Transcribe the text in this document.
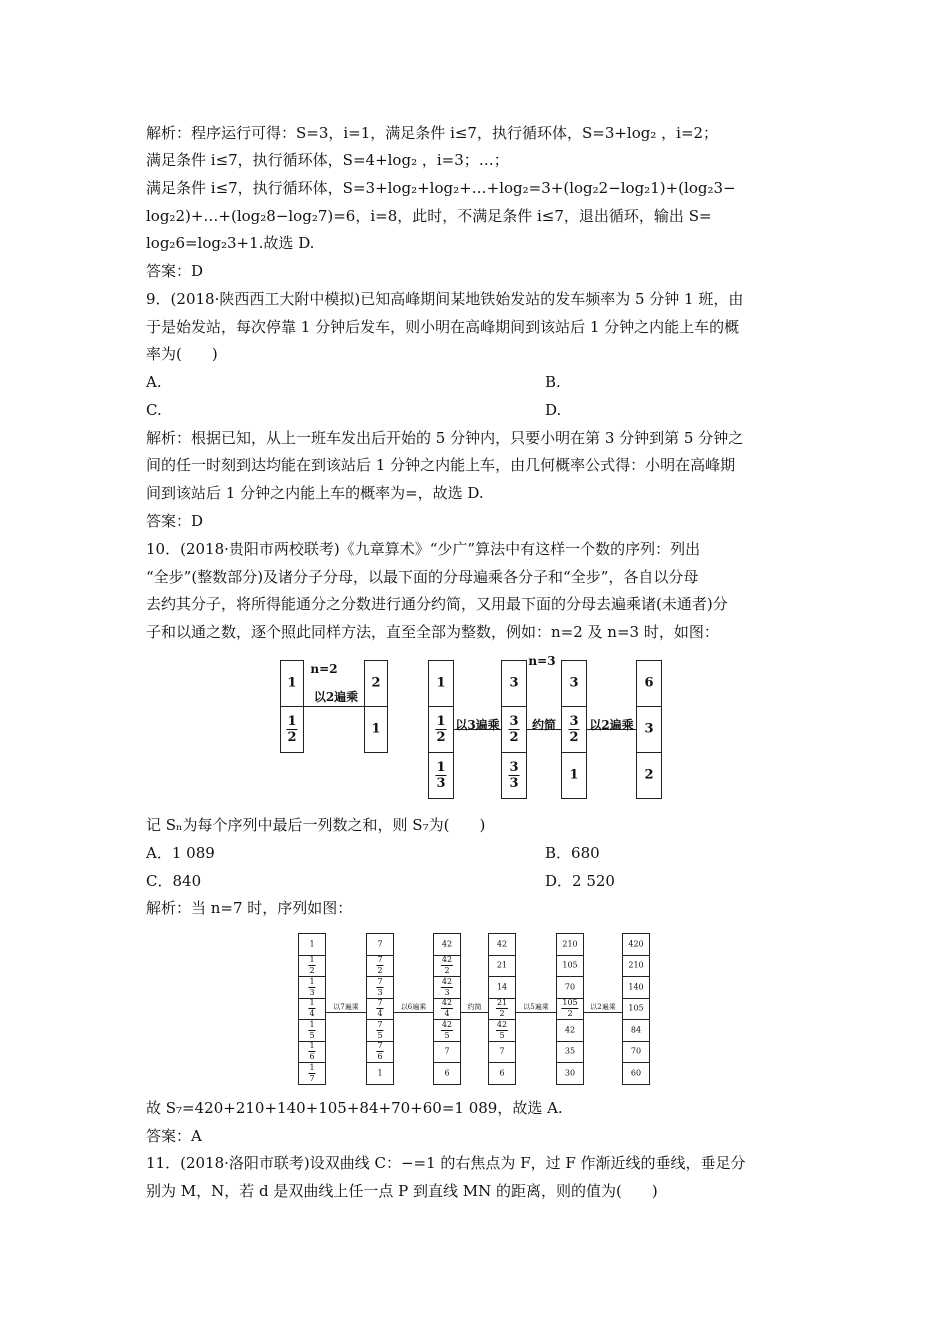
解析：程序运行可得：S=3，i=1，满足条件 i≤7，执行循环体，S=3+log₂ ，i=2；
满足条件 i≤7，执行循环体，S=4+log₂ ，i=3；…；
满足条件 i≤7，执行循环体，S=3+log₂+log₂+…+log₂=3+(log₂2−log₂1)+(log₂3−
log₂2)+…+(log₂8−log₂7)=6，i=8，此时，不满足条件 i≤7，退出循环，输出 S=
log₂6=log₂3+1.故选 D.
答案：D
9．(2018·陕西西工大附中模拟)已知高峰期间某地铁始发站的发车频率为 5 分钟 1 班，由
于是始发站，每次停靠 1 分钟后发车，则小明在高峰期间到该站后 1 分钟之内能上车的概
率为(　　)
A.	B.
C.	D.
解析：根据已知，从上一班车发出后开始的 5 分钟内，只要小明在第 3 分钟到第 5 分钟之
间的任一时刻到达均能在到该站后 1 分钟之内能上车，由几何概率公式得：小明在高峰期
间到该站后 1 分钟之内能上车的概率为=，故选 D.
答案：D
10．(2018·贵阳市两校联考)《九章算术》“少广”算法中有这样一个数的序列：列出
“全步”(整数部分)及诸分子分母，以最下面的分母遍乘各分子和“全步”，各自以分母
去约其分子，将所得能通分之分数进行通分约简，又用最下面的分母去遍乘诸(未通者)分
子和以通之数，逐个照此同样方法，直至全部为整数，例如：n=2 及 n=3 时，如图：
1
$\frac{1}{2}$
2
1
n=2
以2遍乘
1
$\frac{1}{2}$
$\frac{1}{3}$
3
$\frac{3}{2}$
$\frac{3}{3}$
3
$\frac{3}{2}$
1
6
3
2
n=3
以3遍乘	约简	以2遍乘
记 Sₙ为每个序列中最后一列数之和，则 S₇为(　　)
A．1 089	B．680
C．840	D．2 520
解析：当 n=7 时，序列如图：
1
$\frac{1}{2}$
$\frac{1}{3}$
$\frac{1}{4}$
$\frac{1}{5}$
$\frac{1}{6}$
$\frac{1}{7}$
7
$\frac{7}{2}$
$\frac{7}{3}$
$\frac{7}{4}$
$\frac{7}{5}$
$\frac{7}{6}$
1
42
$\frac{42}{2}$
$\frac{42}{3}$
$\frac{42}{4}$
$\frac{42}{5}$
7
6
42
21
14
$\frac{21}{2}$
$\frac{42}{5}$
7
6
210
105
70
$\frac{105}{2}$
42
35
30
420
210
140
105
84
70
60
以7遍乘	以6遍乘	约简	以5遍乘	以2遍乘
故 S₇=420+210+140+105+84+70+60=1 089，故选 A.
答案：A
11．(2018·洛阳市联考)设双曲线 C：−=1 的右焦点为 F，过 F 作渐近线的垂线，垂足分
别为 M，N，若 d 是双曲线上任一点 P 到直线 MN 的距离，则的值为(　　)
